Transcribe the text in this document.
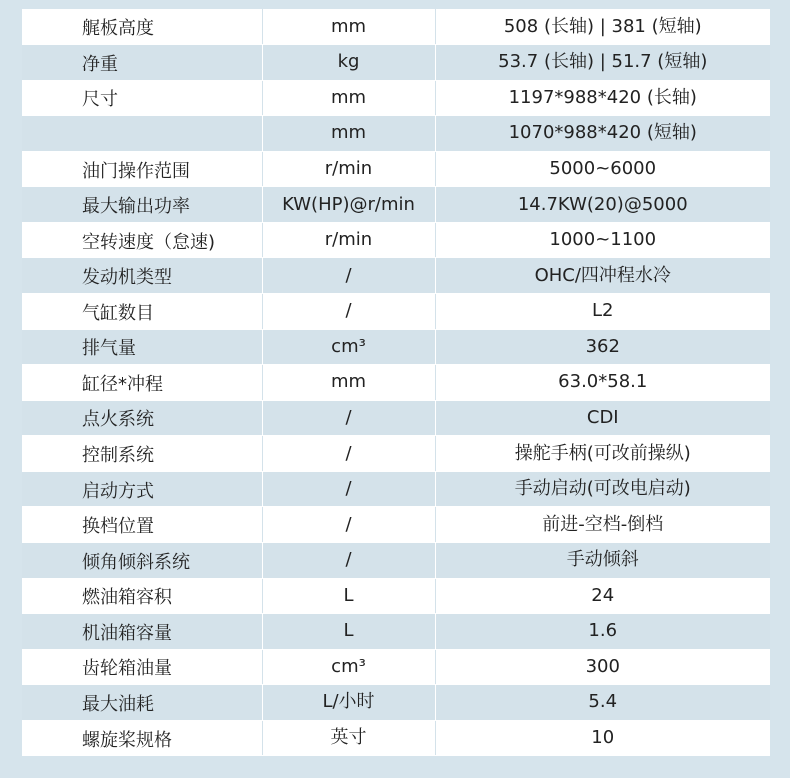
艉板高度	mm	508 (长轴) | 381 (短轴)
净重	kg	53.7 (长轴) | 51.7 (短轴)
尺寸	mm	1197*988*420 (长轴)
	mm	1070*988*420 (短轴)
油门操作范围	r/min	5000~6000
最大输出功率	KW(HP)@r/min	14.7KW(20)@5000
空转速度（怠速)	r/min	1000~1100
发动机类型	/	OHC/四冲程水冷
气缸数目	/	L2
排气量	cm³	362
缸径*冲程	mm	63.0*58.1
点火系统	/	CDI
控制系统	/	操舵手柄(可改前操纵)
启动方式	/	手动启动(可改电启动)
换档位置	/	前进-空档-倒档
倾角倾斜系统	/	手动倾斜
燃油箱容积	L	24
机油箱容量	L	1.6
齿轮箱油量	cm³	300
最大油耗	L/小时	5.4
螺旋桨规格	英寸	10
